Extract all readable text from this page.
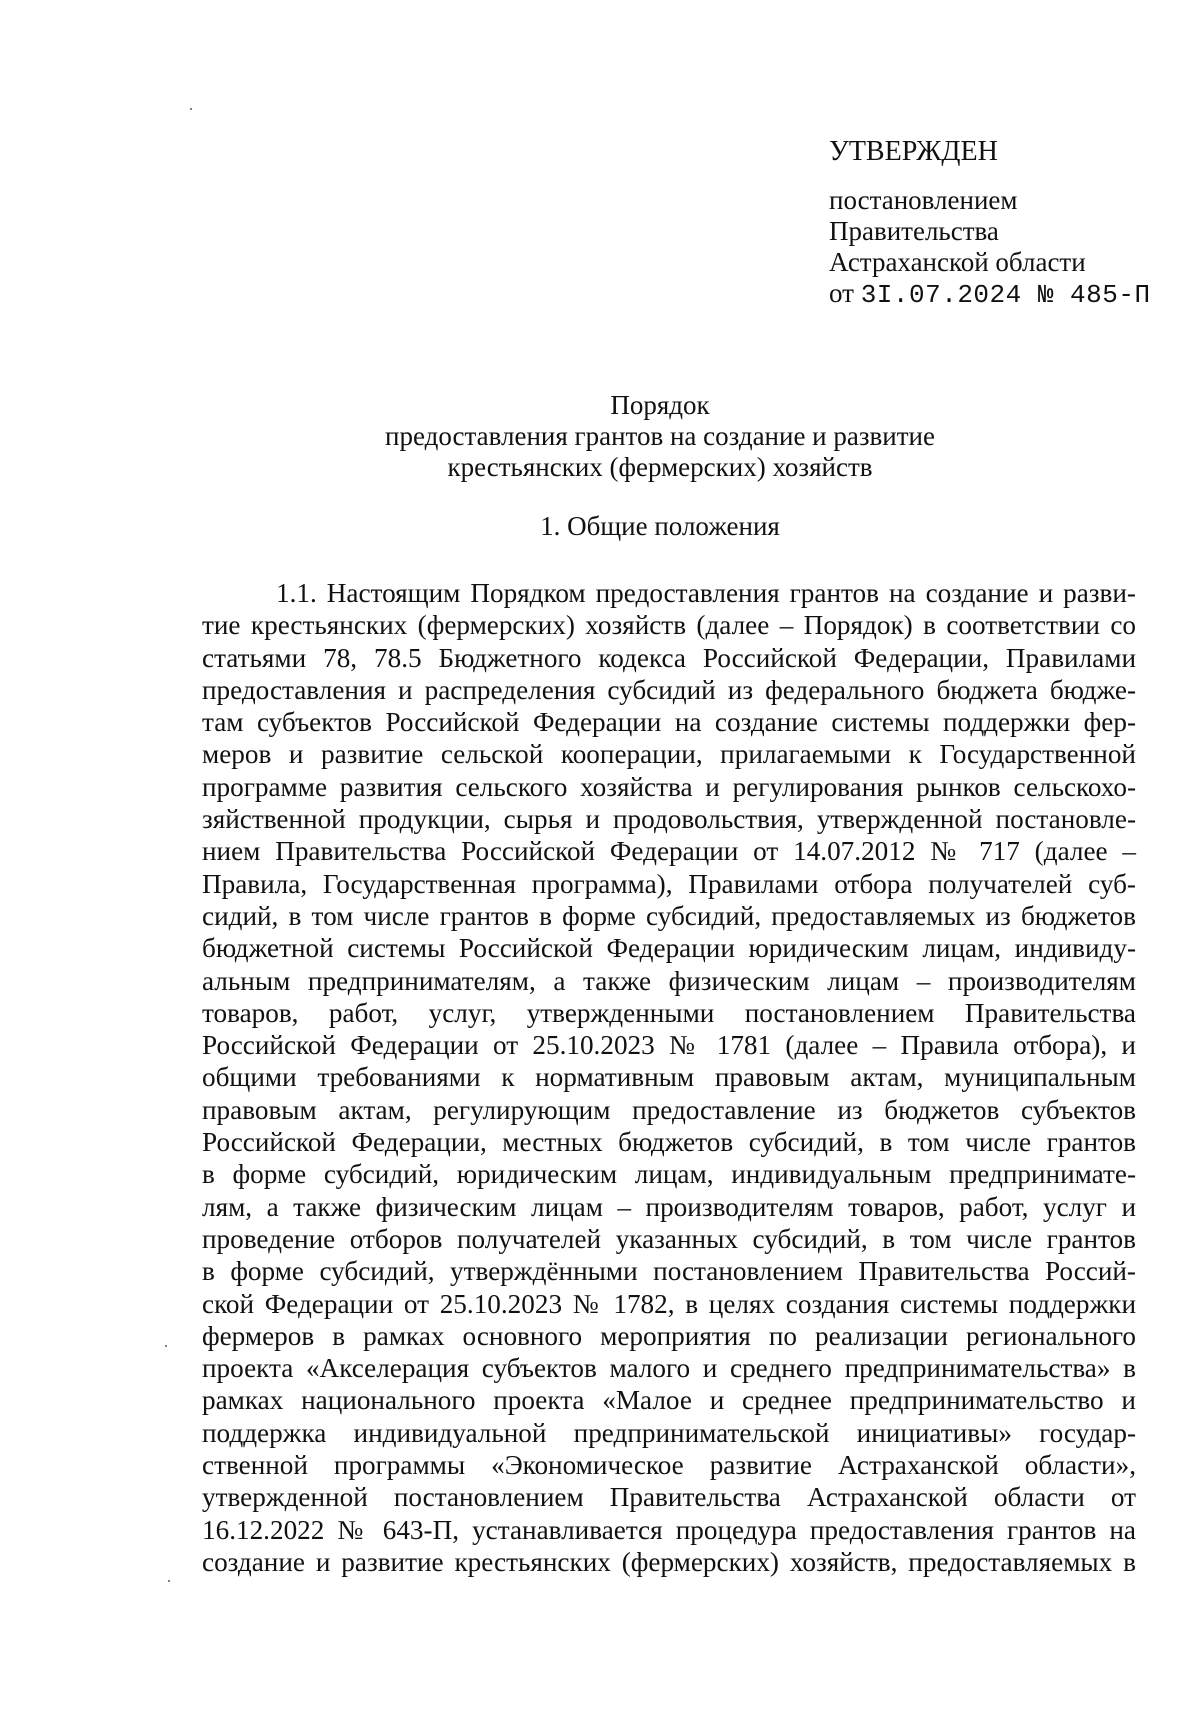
УТВЕРЖДЕН
постановлением
Правительства
Астраханской области
от 3I.07.2024 № 485-П
Порядок
предоставления грантов на создание и развитие
крестьянских (фермерских) хозяйств
1. Общие положения
1.1. Настоящим Порядком предоставления грантов на создание и разви-
тие крестьянских (фермерских) хозяйств (далее – Порядок) в соответствии со
статьями 78, 78.5 Бюджетного кодекса Российской Федерации, Правилами
предоставления и распределения субсидий из федерального бюджета бюдже-
там субъектов Российской Федерации на создание системы поддержки фер-
меров и развитие сельской кооперации, прилагаемыми к Государственной
программе развития сельского хозяйства и регулирования рынков сельскохо-
зяйственной продукции, сырья и продовольствия, утвержденной постановле-
нием Правительства Российской Федерации от 14.07.2012 № 717 (далее –
Правила, Государственная программа), Правилами отбора получателей суб-
сидий, в том числе грантов в форме субсидий, предоставляемых из бюджетов
бюджетной системы Российской Федерации юридическим лицам, индивиду-
альным предпринимателям, а также физическим лицам – производителям
товаров, работ, услуг, утвержденными постановлением Правительства
Российской Федерации от 25.10.2023 № 1781 (далее – Правила отбора), и
общими требованиями к нормативным правовым актам, муниципальным
правовым актам, регулирующим предоставление из бюджетов субъектов
Российской Федерации, местных бюджетов субсидий, в том числе грантов
в форме субсидий, юридическим лицам, индивидуальным предпринимате-
лям, а также физическим лицам – производителям товаров, работ, услуг и
проведение отборов получателей указанных субсидий, в том числе грантов
в форме субсидий, утверждёнными постановлением Правительства Россий-
ской Федерации от 25.10.2023 № 1782, в целях создания системы поддержки
фермеров в рамках основного мероприятия по реализации регионального
проекта «Акселерация субъектов малого и среднего предпринимательства» в
рамках национального проекта «Малое и среднее предпринимательство и
поддержка индивидуальной предпринимательской инициативы» государ-
ственной программы «Экономическое развитие Астраханской области»,
утвержденной постановлением Правительства Астраханской области от
16.12.2022 № 643-П, устанавливается процедура предоставления грантов на
создание и развитие крестьянских (фермерских) хозяйств, предоставляемых в
